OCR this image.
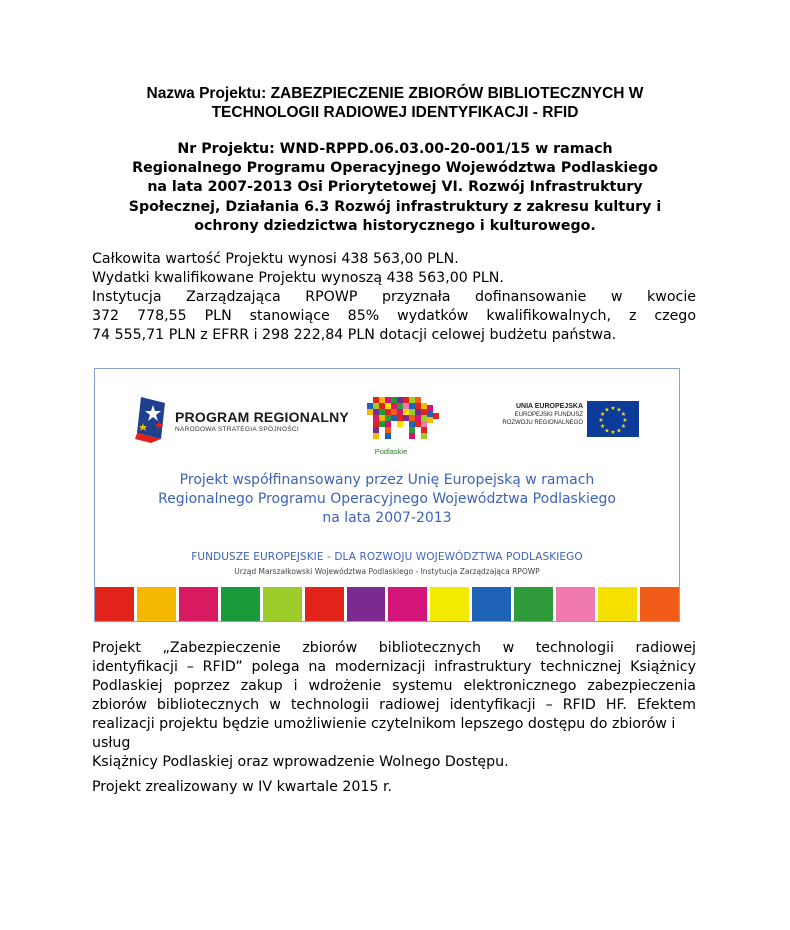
Nazwa Projektu: ZABEZPIECZENIE ZBIORÓW BIBLIOTECZNYCH W
TECHNOLOGII RADIOWEJ IDENTYFIKACJI - RFID
Nr Projektu: WND-RPPD.06.03.00-20-001/15 w ramach
Regionalnego Programu Operacyjnego Województwa Podlaskiego
na lata 2007-2013 Osi Priorytetowej VI. Rozwój Infrastruktury
Społecznej, Działania 6.3 Rozwój infrastruktury z zakresu kultury i
ochrony dziedzictwa historycznego i kulturowego.
Całkowita wartość Projektu wynosi 438 563,00 PLN.
Wydatki kwalifikowane Projektu wynoszą 438 563,00 PLN.
Instytucja Zarządzająca RPOWP przyznała dofinansowanie w kwocie
372 778,55 PLN stanowiące 85% wydatków kwalifikowalnych, z czego
74 555,71 PLN z EFRR i 298 222,84 PLN dotacji celowej budżetu państwa.
PROGRAM REGIONALNY
NARODOWA STRATEGIA SPÓJNOŚCI
Podlaskie
UNIA EUROPEJSKA
EUROPEJSKI FUNDUSZ
ROZWOJU REGIONALNEGO
★ ★
★
★
★
★
★
★
★
★
★
★
Projekt współfinansowany przez Unię Europejską w ramach
Regionalnego Programu Operacyjnego Województwa Podlaskiego
na lata 2007-2013
FUNDUSZE EUROPEJSKIE - DLA ROZWOJU WOJEWÓDZTWA PODLASKIEGO
Urząd Marszałkowski Województwa Podlaskiego - Instytucja Zarządzająca RPOWP
Projekt „Zabezpieczenie zbiorów bibliotecznych w technologii radiowej
identyfikacji – RFID” polega na modernizacji infrastruktury technicznej Książnicy
Podlaskiej poprzez zakup i wdrożenie systemu elektronicznego zabezpieczenia
zbiorów bibliotecznych w technologii radiowej identyfikacji – RFID HF. Efektem
realizacji projektu będzie umożliwienie czytelnikom lepszego dostępu do zbiorów i
usług
Książnicy Podlaskiej oraz wprowadzenie Wolnego Dostępu.
Projekt zrealizowany w IV kwartale 2015 r.
